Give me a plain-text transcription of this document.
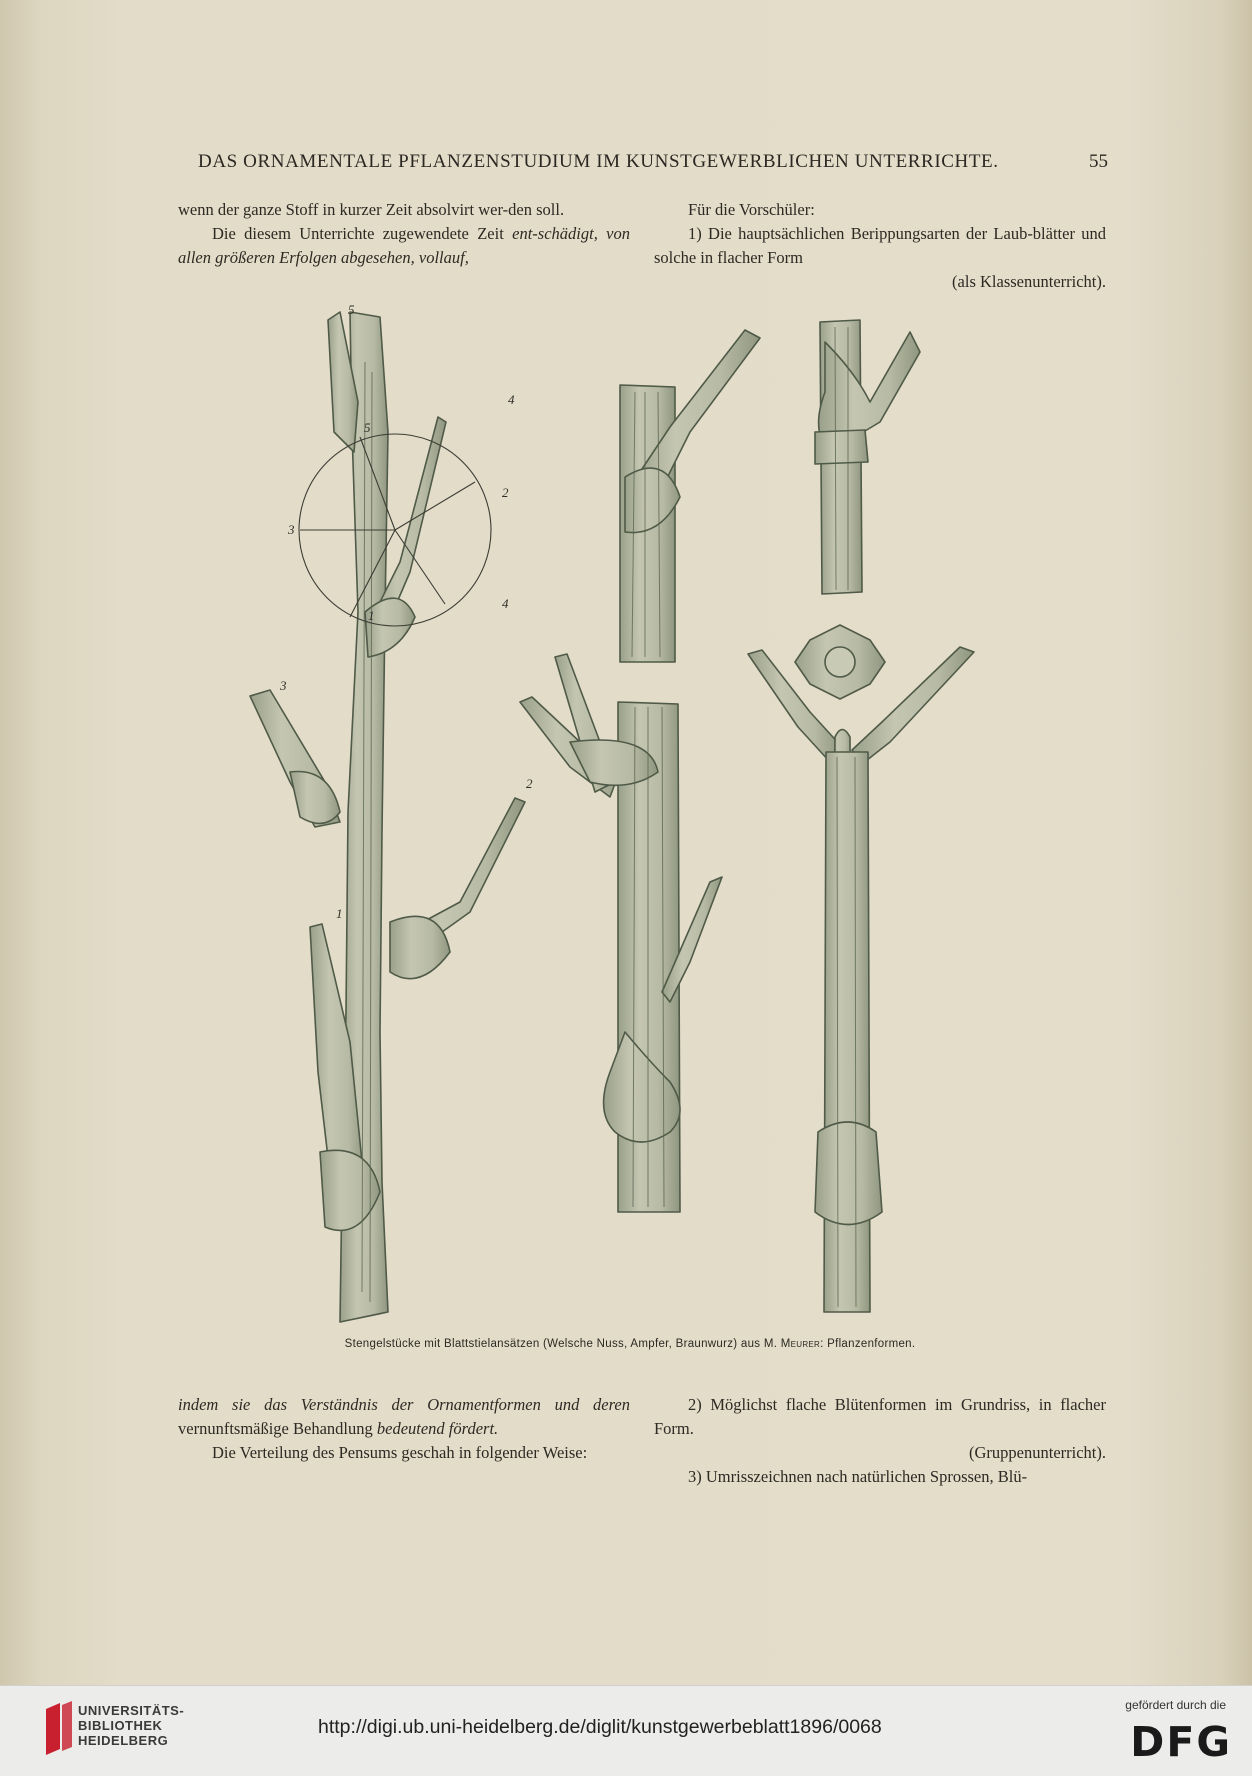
DAS ORNAMENTALE PFLANZENSTUDIUM IM KUNSTGEWERBLICHEN UNTERRICHTE.	55

wenn der ganze Stoff in kurzer Zeit absolvirt wer-den soll.

Die diesem Unterrichte zugewendete Zeit ent-schädigt, von allen größeren Erfolgen abgesehen, vollauf,

Für die Vorschüler:

1) Die hauptsächlichen Berippungsarten der Laub-blätter und solche in flacher Form

(als Klassenunterricht).

5
4
5
2
3
4
1
3
2
1
Stengelstücke mit Blattstielansätzen (Welsche Nuss, Ampfer, Braunwurz) aus M. Meurer: Pflanzenformen.

indem sie das Verständnis der Ornamentformen und deren vernunftsmäßige Behandlung bedeutend fördert.

Die Verteilung des Pensums geschah in folgender Weise:

2) Möglichst flache Blütenformen im Grundriss, in flacher Form.

(Gruppenunterricht).

3) Umrisszeichnen nach natürlichen Sprossen, Blü-

UNIVERSITÄTS-
BIBLIOTHEK
HEIDELBERG
http://digi.ub.uni-heidelberg.de/diglit/kunstgewerbeblatt1896/0068
gefördert durch die
DFG
